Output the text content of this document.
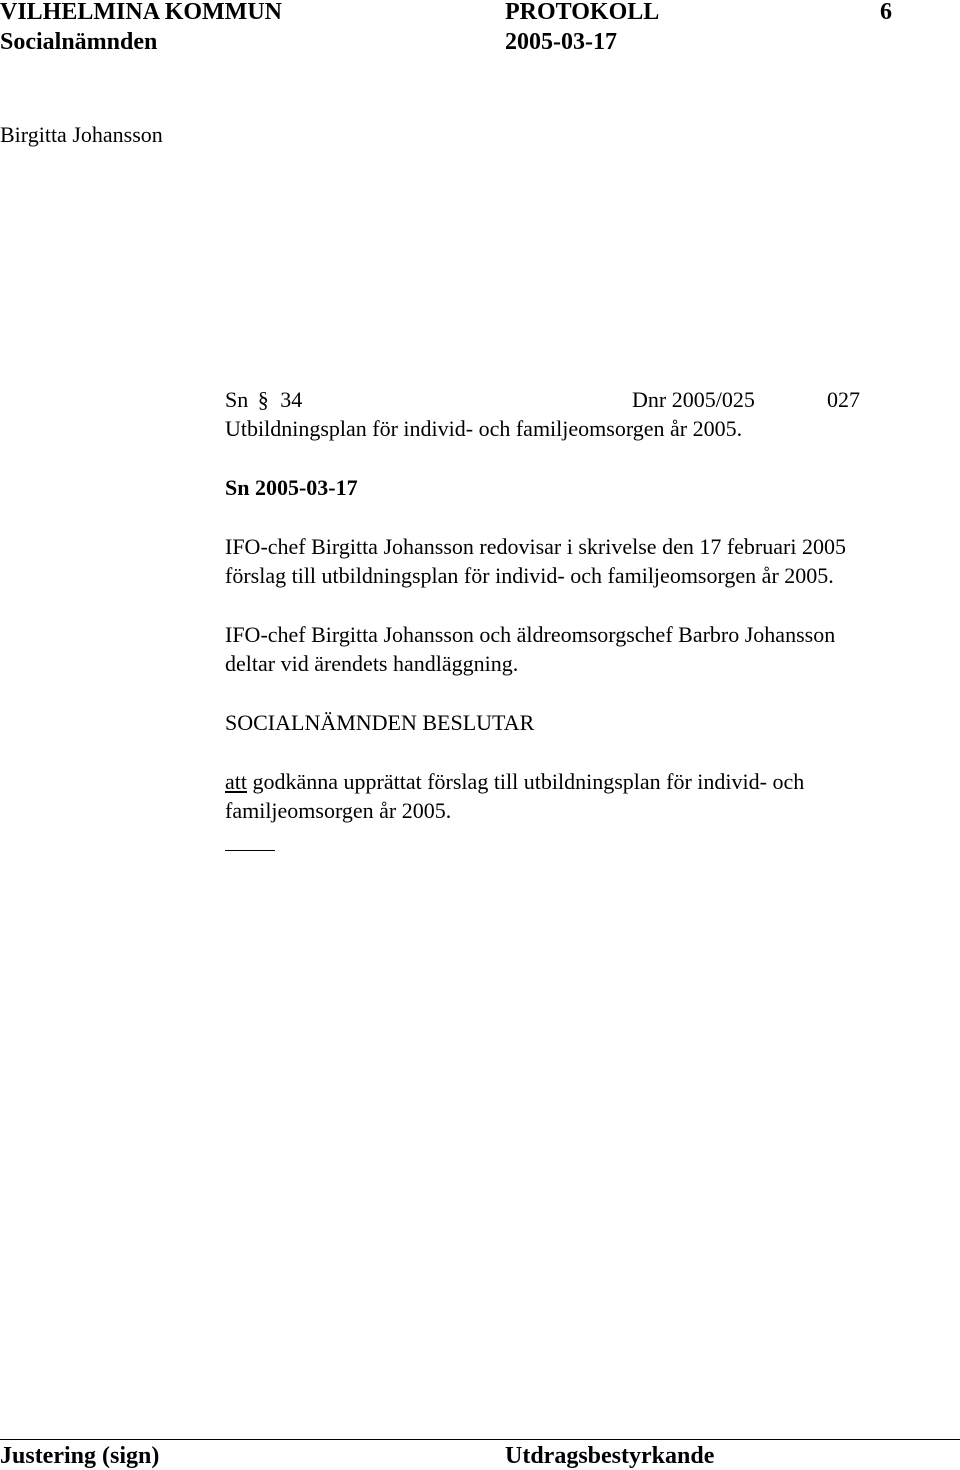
VILHELMINA KOMMUN	PROTOKOLL	6
Socialnämnden	2005-03-17
Birgitta Johansson
Sn § 34	Dnr 2005/025	027
Utbildningsplan för individ- och familjeomsorgen år 2005.
Sn 2005-03-17
IFO-chef Birgitta Johansson redovisar i skrivelse den 17 februari 2005
förslag till utbildningsplan för individ- och familjeomsorgen år 2005.
IFO-chef Birgitta Johansson och äldreomsorgschef Barbro Johansson
deltar vid ärendets handläggning.
SOCIALNÄMNDEN BESLUTAR
att godkänna upprättat förslag till utbildningsplan för individ- och
familjeomsorgen år 2005.
Justering (sign)	Utdragsbestyrkande
